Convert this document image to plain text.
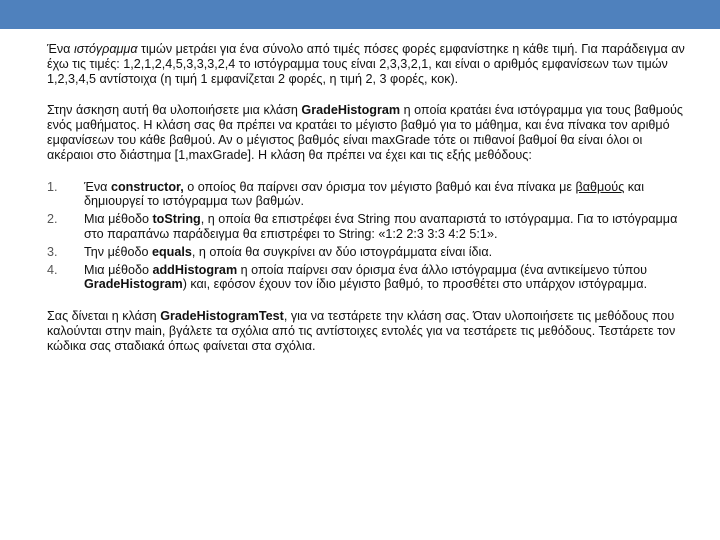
Ένα ιστόγραμμα τιμών μετράει για ένα σύνολο από τιμές πόσες φορές εμφανίστηκε η κάθε τιμή. Για παράδειγμα αν έχω τις τιμές: 1,2,1,2,4,5,3,3,3,2,4 το ιστόγραμμα τους είναι 2,3,3,2,1, και είναι ο αριθμός εμφανίσεων των τιμών 1,2,3,4,5 αντίστοιχα (η τιμή 1 εμφανίζεται 2 φορές, η τιμή 2, 3 φορές, κοκ).

Στην άσκηση αυτή θα υλοποιήσετε μια κλάση GradeHistogram η οποία κρατάει ένα ιστόγραμμα για τους βαθμούς ενός μαθήματος. Η κλάση σας θα πρέπει να κρατάει το μέγιστο βαθμό για το μάθημα, και ένα πίνακα τον αριθμό εμφανίσεων του κάθε βαθμού. Αν ο μέγιστος βαθμός είναι maxGrade τότε οι πιθανοί βαθμοί θα είναι όλοι οι ακέραιοι στο διάστημα [1,maxGrade]. Η κλάση θα πρέπει να έχει και τις εξής μεθόδους:

1. Ένα constructor, ο οποίος θα παίρνει σαν όρισμα τον μέγιστο βαθμό και ένα πίνακα με βαθμούς και δημιουργεί το ιστόγραμμα των βαθμών.
2. Μια μέθοδο toString, η οποία θα επιστρέφει ένα String που αναπαριστά το ιστόγραμμα. Για το ιστόγραμμα στο παραπάνω παράδειγμα θα επιστρέφει το String: «1:2 2:3 3:3 4:2 5:1».
3. Την μέθοδο equals, η οποία θα συγκρίνει αν δύο ιστογράμματα είναι ίδια.
4. Μια μέθοδο addHistogram η οποία παίρνει σαν όρισμα ένα άλλο ιστόγραμμα (ένα αντικείμενο τύπου GradeHistogram) και, εφόσον έχουν τον ίδιο μέγιστο βαθμό, το προσθέτει στο υπάρχον ιστόγραμμα.

Σας δίνεται η κλάση GradeHistogramTest, για να τεστάρετε την κλάση σας. Όταν υλοποιήσετε τις μεθόδους που καλούνται στην main, βγάλετε τα σχόλια από τις αντίστοιχες εντολές για να τεστάρετε τις μεθόδους. Τεστάρετε τον κώδικα σας σταδιακά όπως φαίνεται στα σχόλια.
